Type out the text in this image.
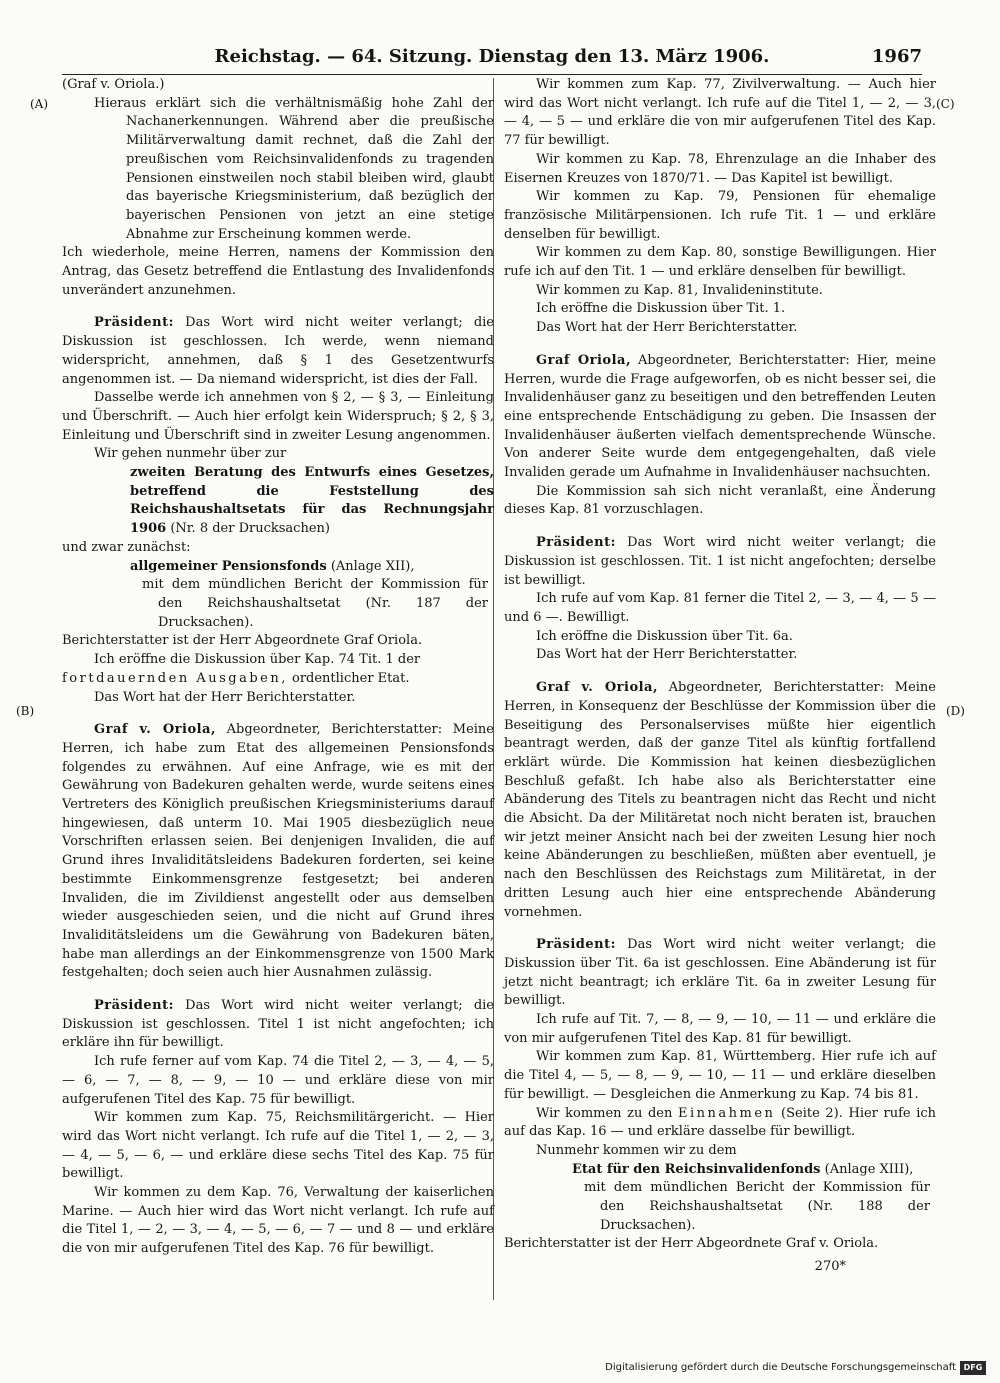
Reichstag. — 64. Sitzung. Dienstag den 13. März 1906.	1967
(A)
(B)
(C)
(D)

(Graf v. Oriola.)

Hieraus erklärt sich die verhältnismäßig hohe Zahl der Nachanerkennungen. Während aber die preußische Militärverwaltung damit rechnet, daß die Zahl der preußischen vom Reichsinvalidenfonds zu tragenden Pensionen einstweilen noch stabil bleiben wird, glaubt das bayerische Kriegsministerium, daß bezüglich der bayerischen Pensionen von jetzt an eine stetige Abnahme zur Erscheinung kommen werde.

Ich wiederhole, meine Herren, namens der Kommission den Antrag, das Gesetz betreffend die Entlastung des Invalidenfonds unverändert anzunehmen.

Präsident: Das Wort wird nicht weiter verlangt; die Diskussion ist geschlossen. Ich werde, wenn niemand widerspricht, annehmen, daß § 1 des Gesetzentwurfs angenommen ist. — Da niemand widerspricht, ist dies der Fall.

Dasselbe werde ich annehmen von § 2, — § 3, — Einleitung und Überschrift. — Auch hier erfolgt kein Widerspruch; § 2, § 3, Einleitung und Überschrift sind in zweiter Lesung angenommen.

Wir gehen nunmehr über zur

zweiten Beratung des Entwurfs eines Gesetzes, betreffend die Feststellung des Reichshaushaltsetats für das Rechnungsjahr 1906 (Nr. 8 der Drucksachen)

und zwar zunächst:

allgemeiner Pensionsfonds (Anlage XII),

mit dem mündlichen Bericht der Kommission für den Reichshaushaltsetat (Nr. 187 der Drucksachen).

Berichterstatter ist der Herr Abgeordnete Graf Oriola.

Ich eröffne die Diskussion über Kap. 74 Tit. 1 der

fortdauernden Ausgaben, ordentlicher Etat.

Das Wort hat der Herr Berichterstatter.

Graf v. Oriola, Abgeordneter, Berichterstatter: Meine Herren, ich habe zum Etat des allgemeinen Pensionsfonds folgendes zu erwähnen. Auf eine Anfrage, wie es mit der Gewährung von Badekuren gehalten werde, wurde seitens eines Vertreters des Königlich preußischen Kriegsministeriums darauf hingewiesen, daß unterm 10. Mai 1905 diesbezüglich neue Vorschriften erlassen seien. Bei denjenigen Invaliden, die auf Grund ihres Invaliditätsleidens Badekuren forderten, sei keine bestimmte Einkommensgrenze festgesetzt; bei anderen Invaliden, die im Zivildienst angestellt oder aus demselben wieder ausgeschieden seien, und die nicht auf Grund ihres Invaliditätsleidens um die Gewährung von Badekuren bäten, habe man allerdings an der Einkommensgrenze von 1500 Mark festgehalten; doch seien auch hier Ausnahmen zulässig.

Präsident: Das Wort wird nicht weiter verlangt; die Diskussion ist geschlossen. Titel 1 ist nicht angefochten; ich erkläre ihn für bewilligt.

Ich rufe ferner auf vom Kap. 74 die Titel 2, — 3, — 4, — 5, — 6, — 7, — 8, — 9, — 10 — und erkläre diese von mir aufgerufenen Titel des Kap. 75 für bewilligt.

Wir kommen zum Kap. 75, Reichsmilitärgericht. — Hier wird das Wort nicht verlangt. Ich rufe auf die Titel 1, — 2, — 3, — 4, — 5, — 6, — und erkläre diese sechs Titel des Kap. 75 für bewilligt.

Wir kommen zu dem Kap. 76, Verwaltung der kaiserlichen Marine. — Auch hier wird das Wort nicht verlangt. Ich rufe auf die Titel 1, — 2, — 3, — 4, — 5, — 6, — 7 — und 8 — und erkläre die von mir aufgerufenen Titel des Kap. 76 für bewilligt.

Wir kommen zum Kap. 77, Zivilverwaltung. — Auch hier wird das Wort nicht verlangt. Ich rufe auf die Titel 1, — 2, — 3, — 4, — 5 — und erkläre die von mir aufgerufenen Titel des Kap. 77 für bewilligt.

Wir kommen zu Kap. 78, Ehrenzulage an die Inhaber des Eisernen Kreuzes von 1870/71. — Das Kapitel ist bewilligt.

Wir kommen zu Kap. 79, Pensionen für ehemalige französische Militärpensionen. Ich rufe Tit. 1 — und erkläre denselben für bewilligt.

Wir kommen zu dem Kap. 80, sonstige Bewilligungen. Hier rufe ich auf den Tit. 1 — und erkläre denselben für bewilligt.

Wir kommen zu Kap. 81, Invalideninstitute.

Ich eröffne die Diskussion über Tit. 1.

Das Wort hat der Herr Berichterstatter.

Graf Oriola, Abgeordneter, Berichterstatter: Hier, meine Herren, wurde die Frage aufgeworfen, ob es nicht besser sei, die Invalidenhäuser ganz zu beseitigen und den betreffenden Leuten eine entsprechende Entschädigung zu geben. Die Insassen der Invalidenhäuser äußerten vielfach dementsprechende Wünsche. Von anderer Seite wurde dem entgegengehalten, daß viele Invaliden gerade um Aufnahme in Invalidenhäuser nachsuchten.

Die Kommission sah sich nicht veranlaßt, eine Änderung dieses Kap. 81 vorzuschlagen.

Präsident: Das Wort wird nicht weiter verlangt; die Diskussion ist geschlossen. Tit. 1 ist nicht angefochten; derselbe ist bewilligt.

Ich rufe auf vom Kap. 81 ferner die Titel 2, — 3, — 4, — 5 — und 6 —. Bewilligt.

Ich eröffne die Diskussion über Tit. 6a.

Das Wort hat der Herr Berichterstatter.

Graf v. Oriola, Abgeordneter, Berichterstatter: Meine Herren, in Konsequenz der Beschlüsse der Kommission über die Beseitigung des Personalservises müßte hier eigentlich beantragt werden, daß der ganze Titel als künftig fortfallend erklärt würde. Die Kommission hat keinen diesbezüglichen Beschluß gefaßt. Ich habe also als Berichterstatter eine Abänderung des Titels zu beantragen nicht das Recht und nicht die Absicht. Da der Militäretat noch nicht beraten ist, brauchen wir jetzt meiner Ansicht nach bei der zweiten Lesung hier noch keine Abänderungen zu beschließen, müßten aber eventuell, je nach den Beschlüssen des Reichstags zum Militäretat, in der dritten Lesung auch hier eine entsprechende Abänderung vornehmen.

Präsident: Das Wort wird nicht weiter verlangt; die Diskussion über Tit. 6a ist geschlossen. Eine Abänderung ist für jetzt nicht beantragt; ich erkläre Tit. 6a in zweiter Lesung für bewilligt.

Ich rufe auf Tit. 7, — 8, — 9, — 10, — 11 — und erkläre die von mir aufgerufenen Titel des Kap. 81 für bewilligt.

Wir kommen zum Kap. 81, Württemberg. Hier rufe ich auf die Titel 4, — 5, — 8, — 9, — 10, — 11 — und erkläre dieselben für bewilligt. — Desgleichen die Anmerkung zu Kap. 74 bis 81.

Wir kommen zu den Einnahmen (Seite 2). Hier rufe ich auf das Kap. 16 — und erkläre dasselbe für bewilligt.

Nunmehr kommen wir zu dem

Etat für den Reichsinvalidenfonds (Anlage XIII),

mit dem mündlichen Bericht der Kommission für den Reichshaushaltsetat (Nr. 188 der Drucksachen).

Berichterstatter ist der Herr Abgeordnete Graf v. Oriola.

270*

Digitalisierung gefördert durch die Deutsche Forschungsgemeinschaft DFG
